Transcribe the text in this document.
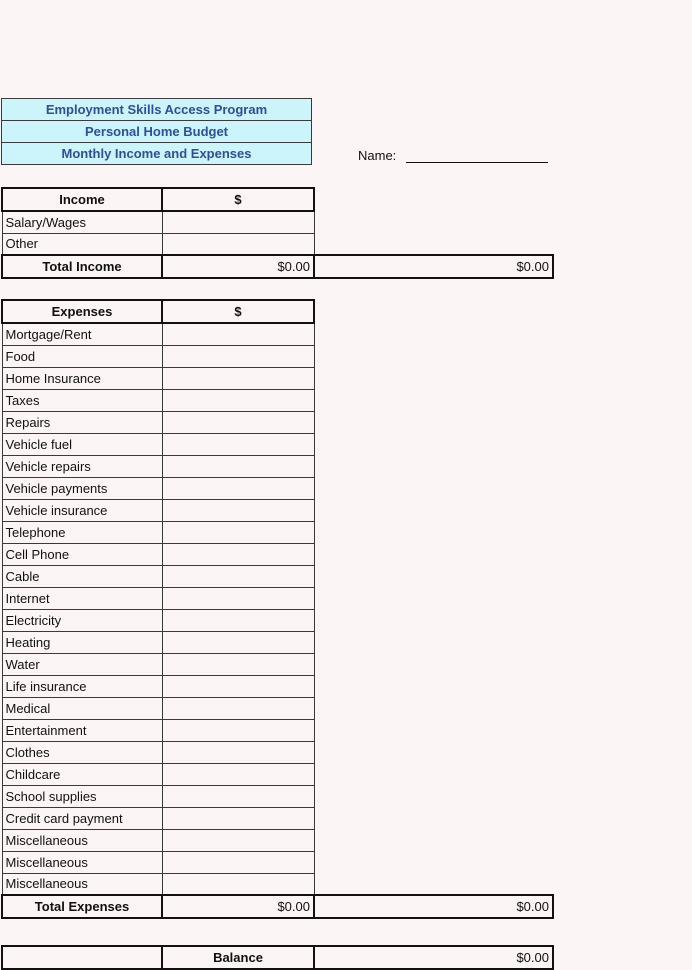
Employment Skills Access Program
Personal Home Budget
Monthly Income and Expenses	Name:
Income	$	
Salary/Wages		
Other		
Total Income	$0.00	$0.00
Expenses	$	
Mortgage/Rent		
Food		
Home Insurance		
Taxes		
Repairs		
Vehicle fuel		
Vehicle repairs		
Vehicle payments		
Vehicle insurance		
Telephone		
Cell Phone		
Cable		
Internet		
Electricity		
Heating		
Water		
Life insurance		
Medical		
Entertainment		
Clothes		
Childcare		
School supplies		
Credit card payment		
Miscellaneous		
Miscellaneous		
Miscellaneous		
Total Expenses	$0.00	$0.00
	Balance	$0.00
